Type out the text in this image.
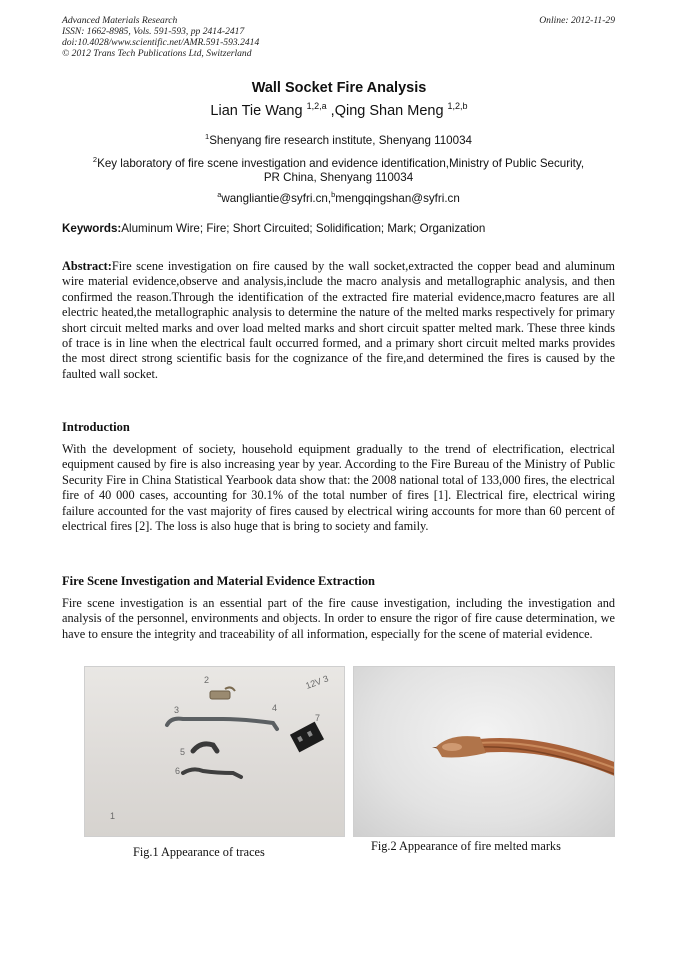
Advanced Materials Research
ISSN: 1662-8985, Vols. 591-593, pp 2414-2417
doi:10.4028/www.scientific.net/AMR.591-593.2414
© 2012 Trans Tech Publications Ltd, Switzerland
Online: 2012-11-29
Wall Socket Fire Analysis
Lian Tie Wang $^{1,2,a}$ ,Qing Shan Meng $^{1,2,b}$
$^1$Shenyang fire research institute, Shenyang 110034
$^2$Key laboratory of fire scene investigation and evidence identification,Ministry of Public Security,
PR China, Shenyang 110034
$^a$wangliantie@syfri.cn,$^b$mengqingshan@syfri.cn
Keywords:Aluminum Wire; Fire; Short Circuited; Solidification; Mark; Organization
Abstract:Fire scene investigation on fire caused by the wall socket,extracted the copper bead and aluminum wire material evidence,observe and analysis,include the macro analysis and metallographic analysis, and then confirmed the reason.Through the identification of the extracted fire material evidence,macro features are all electric heated,the metallographic analysis to determine the nature of the melted marks respectively for primary short circuit melted marks and over load melted marks and short circuit spatter melted mark. These three kinds of trace is in line when the electrical fault occurred formed, and a primary short circuit melted marks provides the most direct strong scientific basis for the cognizance of the fire,and determined the fires is caused by the faulted wall socket.
Introduction
With the development of society, household equipment gradually to the trend of electrification, electrical equipment caused by fire is also increasing year by year. According to the Fire Bureau of the Ministry of Public Security Fire in China Statistical Yearbook data show that: the 2008 national total of 133,000 fires, the electrical fire of 40 000 cases, accounting for 30.1% of the total number of fires [1]. Electrical fire, electrical wiring failure accounted for the vast majority of fires caused by electrical wiring accounts for more than 60 percent of electrical fires [2]. The loss is also huge that is bring to society and family.
Fire Scene Investigation and Material Evidence Extraction
Fire scene investigation is an essential part of the fire cause investigation, including the investigation and analysis of the personnel, environments and objects. In order to ensure the rigor of fire cause determination, we have to ensure the integrity and traceability of all information, especially for the scene of material evidence.
2
3	4
5
6
7
1
12V 3
Fig.1 Appearance of traces	Fig.2 Appearance of fire melted marks
